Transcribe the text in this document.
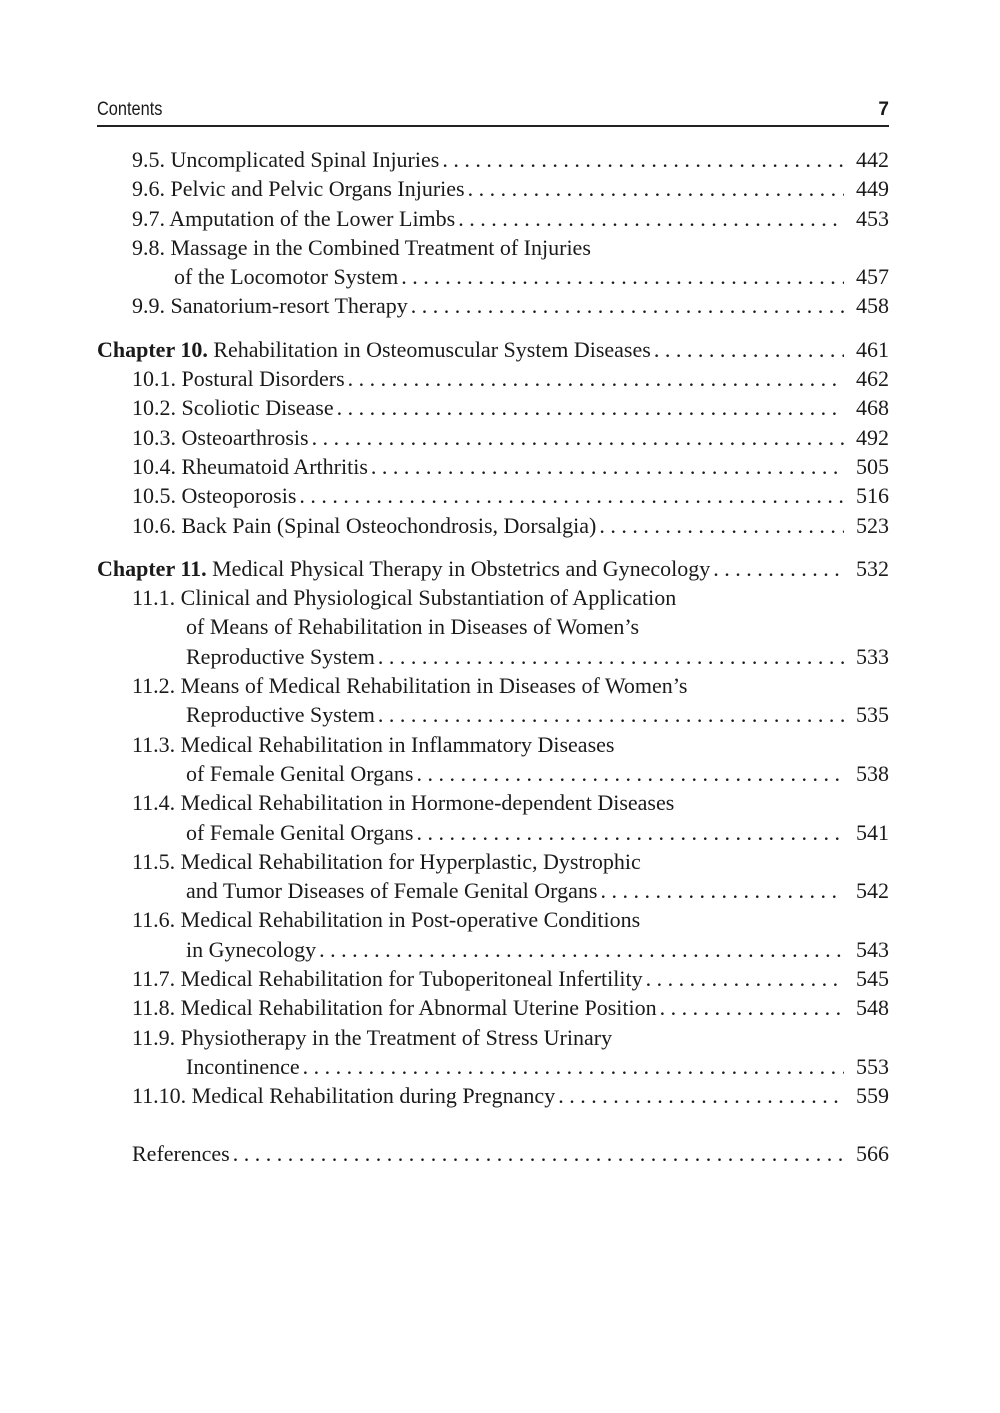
Contents	7
9.5. Uncomplicated Spinal Injuries . . .	442
9.6. Pelvic and Pelvic Organs Injuries . . .	449
9.7. Amputation of the Lower Limbs . . .	453
9.8. Massage in the Combined Treatment of Injuries
of the Locomotor System . . .	457
9.9. Sanatorium-resort Therapy . . .	458
Chapter 10. Rehabilitation in Osteomuscular System Diseases . . .	461
10.1. Postural Disorders . . .	462
10.2. Scoliotic Disease . . .	468
10.3. Osteoarthrosis . . .	492
10.4. Rheumatoid Arthritis . . .	505
10.5. Osteoporosis . . .	516
10.6. Back Pain (Spinal Osteochondrosis, Dorsalgia) . . .	523
Chapter 11. Medical Physical Therapy in Obstetrics and Gynecology . . .	532
11.1. Clinical and Physiological Substantiation of Application
of Means of Rehabilitation in Diseases of Women’s
Reproductive System . . .	533
11.2. Means of Medical Rehabilitation in Diseases of Women’s
Reproductive System . . .	535
11.3. Medical Rehabilitation in Inflammatory Diseases
of Female Genital Organs . . .	538
11.4. Medical Rehabilitation in Hormone-dependent Diseases
of Female Genital Organs . . .	541
11.5. Medical Rehabilitation for Hyperplastic, Dystrophic
and Tumor Diseases of Female Genital Organs . . .	542
11.6. Medical Rehabilitation in Post-operative Conditions
in Gynecology . . .	543
11.7. Medical Rehabilitation for Tuboperitoneal Infertility . . .	545
11.8. Medical Rehabilitation for Abnormal Uterine Position . . .	548
11.9. Physiotherapy in the Treatment of Stress Urinary
Incontinence . . .	553
11.10. Medical Rehabilitation during Pregnancy . . .	559
References . . .	566
